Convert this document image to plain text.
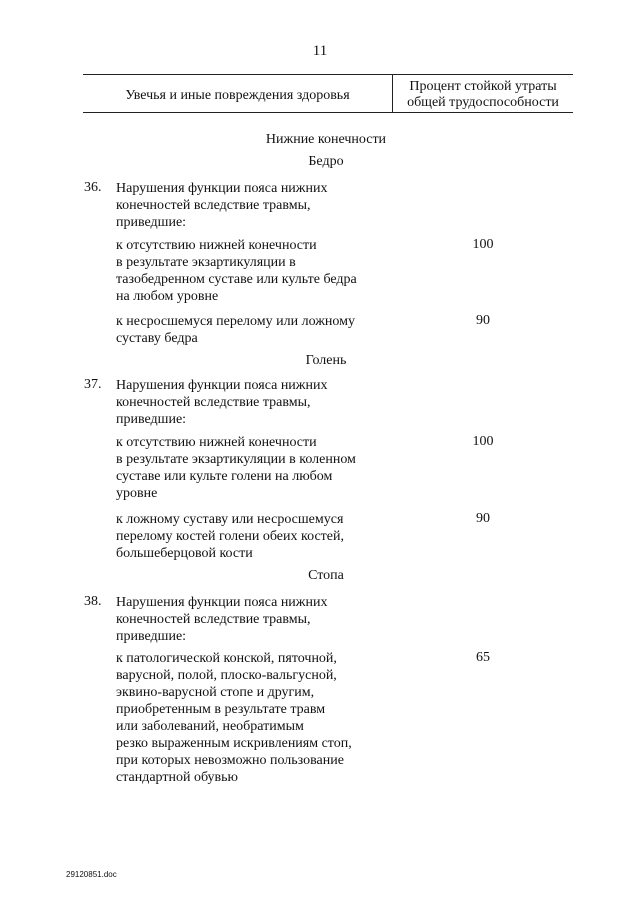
11
Увечья и иные повреждения здоровья
Процент стойкой утраты
общей трудоспособности
Нижние конечности
Бедро
36. Нарушения функции пояса нижних
конечностей вследствие травмы,
приведшие:
к отсутствию нижней конечности
в результате экзартикуляции в
тазобедренном суставе или культе бедра
на любом уровне
100
к несросшемуся перелому или ложному
суставу бедра
90
Голень
37. Нарушения функции пояса нижних
конечностей вследствие травмы,
приведшие:
к отсутствию нижней конечности
в результате экзартикуляции в коленном
суставе или культе голени на любом
уровне
100
к ложному суставу или несросшемуся
перелому костей голени обеих костей,
большеберцовой кости
90
Стопа
38. Нарушения функции пояса нижних
конечностей вследствие травмы,
приведшие:
к патологической конской, пяточной,
варусной, полой, плоско-вальгусной,
эквино-варусной стопе и другим,
приобретенным в результате травм
или заболеваний, необратимым
резко выраженным искривлениям стоп,
при которых невозможно пользование
стандартной обувью
65
29120851.doc
